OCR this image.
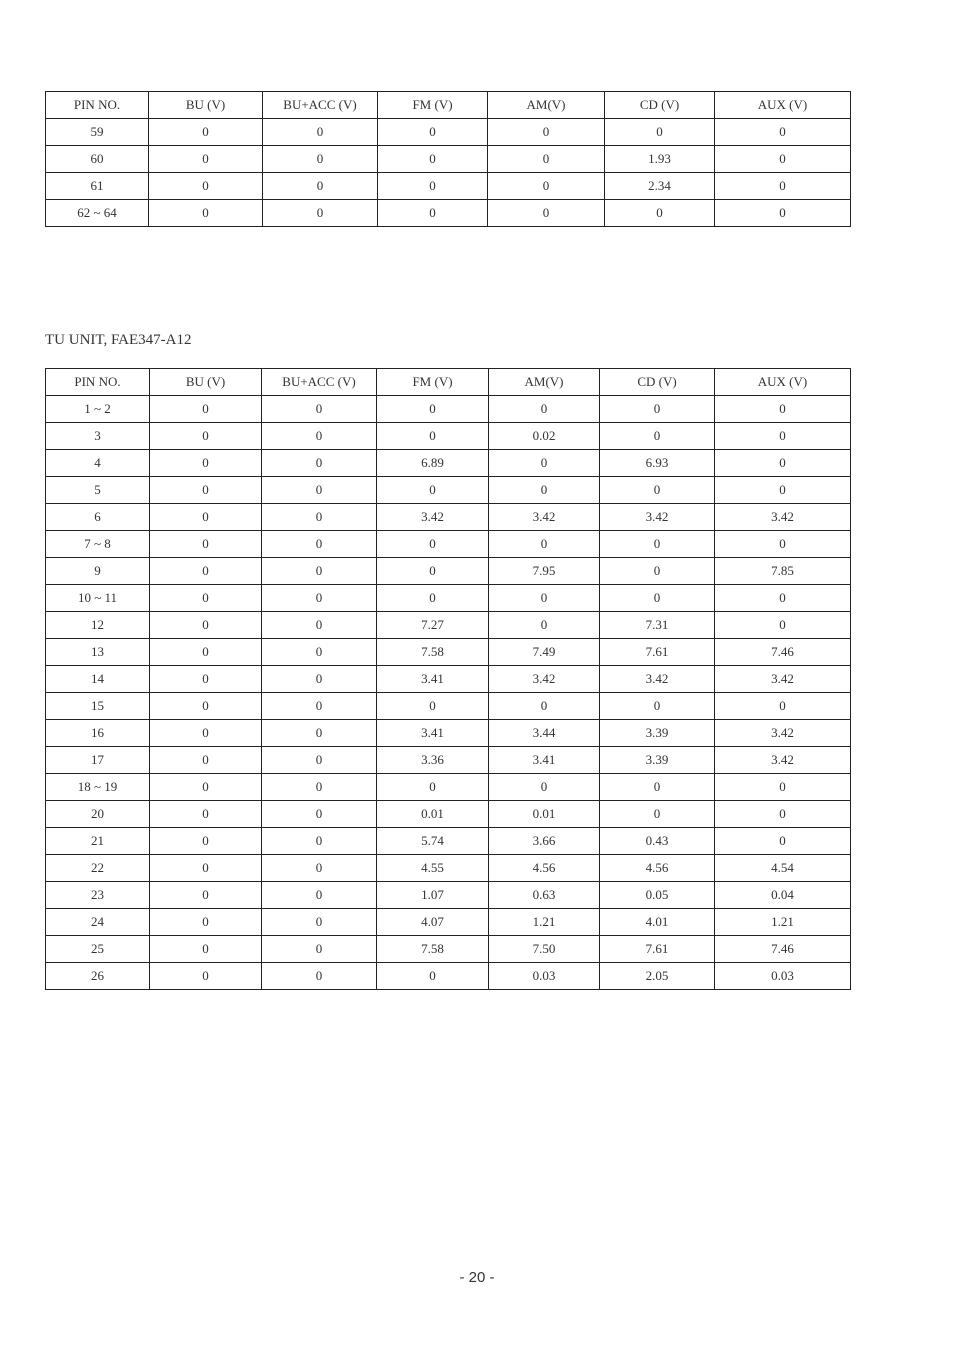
PIN NO.	BU (V)	BU+ACC (V)	FM (V)	AM(V)	CD (V)	AUX (V)
59	0	0	0	0	0	0
60	0	0	0	0	1.93	0
61	0	0	0	0	2.34	0
62 ~ 64	0	0	0	0	0	0
TU UNIT, FAE347-A12
PIN NO.	BU (V)	BU+ACC (V)	FM (V)	AM(V)	CD (V)	AUX (V)
1 ~ 2	0	0	0	0	0	0
3	0	0	0	0.02	0	0
4	0	0	6.89	0	6.93	0
5	0	0	0	0	0	0
6	0	0	3.42	3.42	3.42	3.42
7 ~ 8	0	0	0	0	0	0
9	0	0	0	7.95	0	7.85
10 ~ 11	0	0	0	0	0	0
12	0	0	7.27	0	7.31	0
13	0	0	7.58	7.49	7.61	7.46
14	0	0	3.41	3.42	3.42	3.42
15	0	0	0	0	0	0
16	0	0	3.41	3.44	3.39	3.42
17	0	0	3.36	3.41	3.39	3.42
18 ~ 19	0	0	0	0	0	0
20	0	0	0.01	0.01	0	0
21	0	0	5.74	3.66	0.43	0
22	0	0	4.55	4.56	4.56	4.54
23	0	0	1.07	0.63	0.05	0.04
24	0	0	4.07	1.21	4.01	1.21
25	0	0	7.58	7.50	7.61	7.46
26	0	0	0	0.03	2.05	0.03
- 20 -
